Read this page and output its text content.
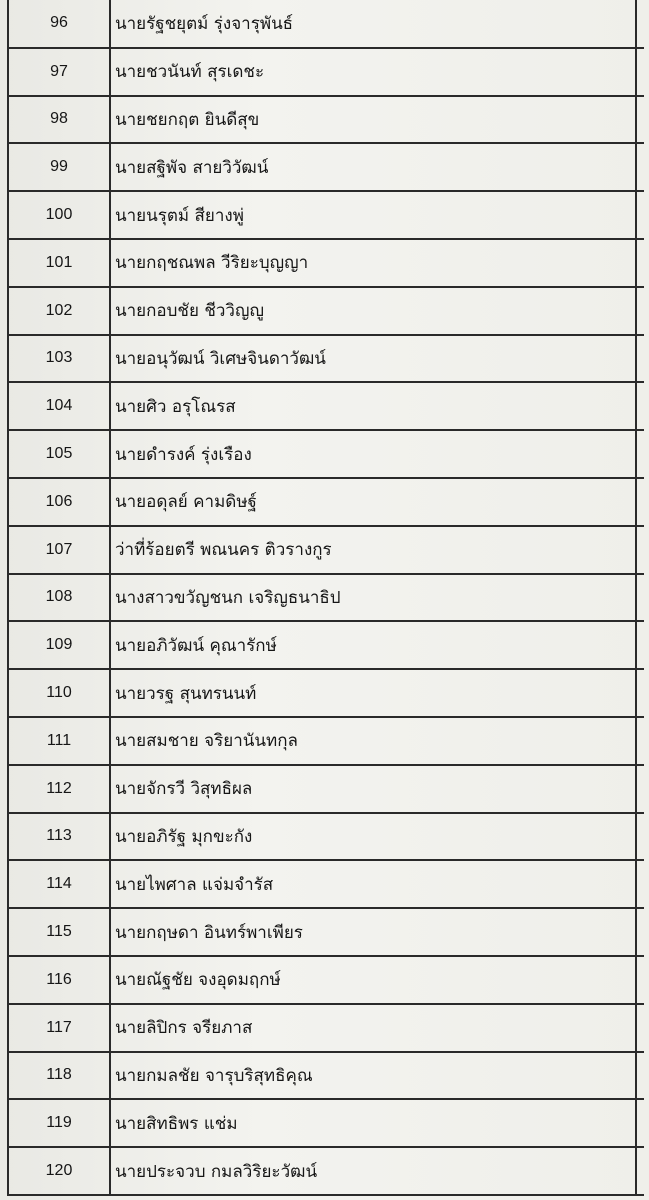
96	นายรัฐชยุตม์ รุ่งจารุพันธ์	
97	นายชวนันท์ สุรเดชะ	
98	นายชยกฤต ยินดีสุข	
99	นายสฐิพัจ สายวิวัฒน์	
100	นายนรุตม์ สียางพู่	
101	นายกฤชณพล วีริยะบุญญา	
102	นายกอบชัย ชีววิญญู	
103	นายอนุวัฒน์ วิเศษจินดาวัฒน์	
104	นายศิว อรุโณรส	
105	นายดำรงค์ รุ่งเรือง	
106	นายอดุลย์ คามดิษฐ์	
107	ว่าที่ร้อยตรี พณนคร ติวรางกูร	
108	นางสาวขวัญชนก เจริญธนาธิป	
109	นายอภิวัฒน์ คุณารักษ์	
110	นายวรฐ สุนทรนนท์	
111	นายสมชาย จริยานันทกุล	
112	นายจักรวี วิสุทธิผล	
113	นายอภิรัฐ มุกขะกัง	
114	นายไพศาล แจ่มจำรัส	
115	นายกฤษดา อินทร์พาเพียร	
116	นายณัฐชัย จงอุดมฤกษ์	
117	นายลิปิกร จรียภาส	
118	นายกมลชัย จารุบริสุทธิคุณ	
119	นายสิทธิพร แช่ม	
120	นายประจวบ กมลวิริยะวัฒน์	
